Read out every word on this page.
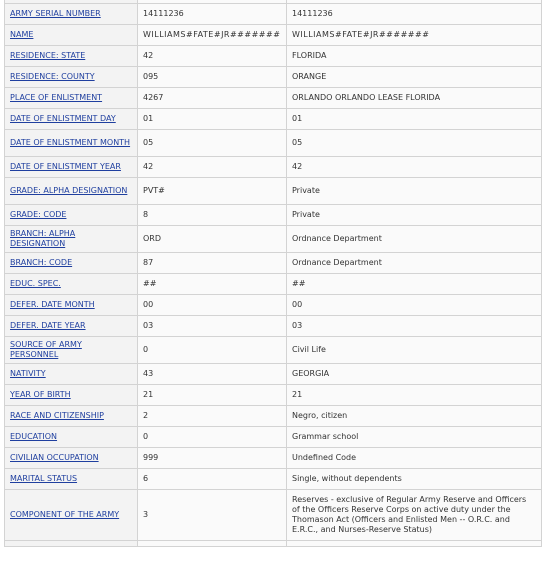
ARMY SERIAL NUMBER	14111236	14111236
NAME	WILLIAMS#FATE#JR#######	WILLIAMS#FATE#JR#######
RESIDENCE: STATE	42	FLORIDA
RESIDENCE: COUNTY	095	ORANGE
PLACE OF ENLISTMENT	4267	ORLANDO ORLANDO LEASE FLORIDA
DATE OF ENLISTMENT DAY	01	01
DATE OF ENLISTMENT MONTH	05	05
DATE OF ENLISTMENT YEAR	42	42
GRADE: ALPHA DESIGNATION	PVT#	Private
GRADE: CODE	8	Private
BRANCH: ALPHA DESIGNATION	ORD	Ordnance Department
BRANCH: CODE	87	Ordnance Department
EDUC. SPEC.	##	##
DEFER. DATE MONTH	00	00
DEFER. DATE YEAR	03	03
SOURCE OF ARMY PERSONNEL	0	Civil Life
NATIVITY	43	GEORGIA
YEAR OF BIRTH	21	21
RACE AND CITIZENSHIP	2	Negro, citizen
EDUCATION	0	Grammar school
CIVILIAN OCCUPATION	999	Undefined Code
MARITAL STATUS	6	Single, without dependents
COMPONENT OF THE ARMY	3	Reserves - exclusive of Regular Army Reserve and Officers of the Officers Reserve Corps on active duty under the Thomason Act (Officers and Enlisted Men -- O.R.C. and E.R.C., and Nurses-Reserve Status)
